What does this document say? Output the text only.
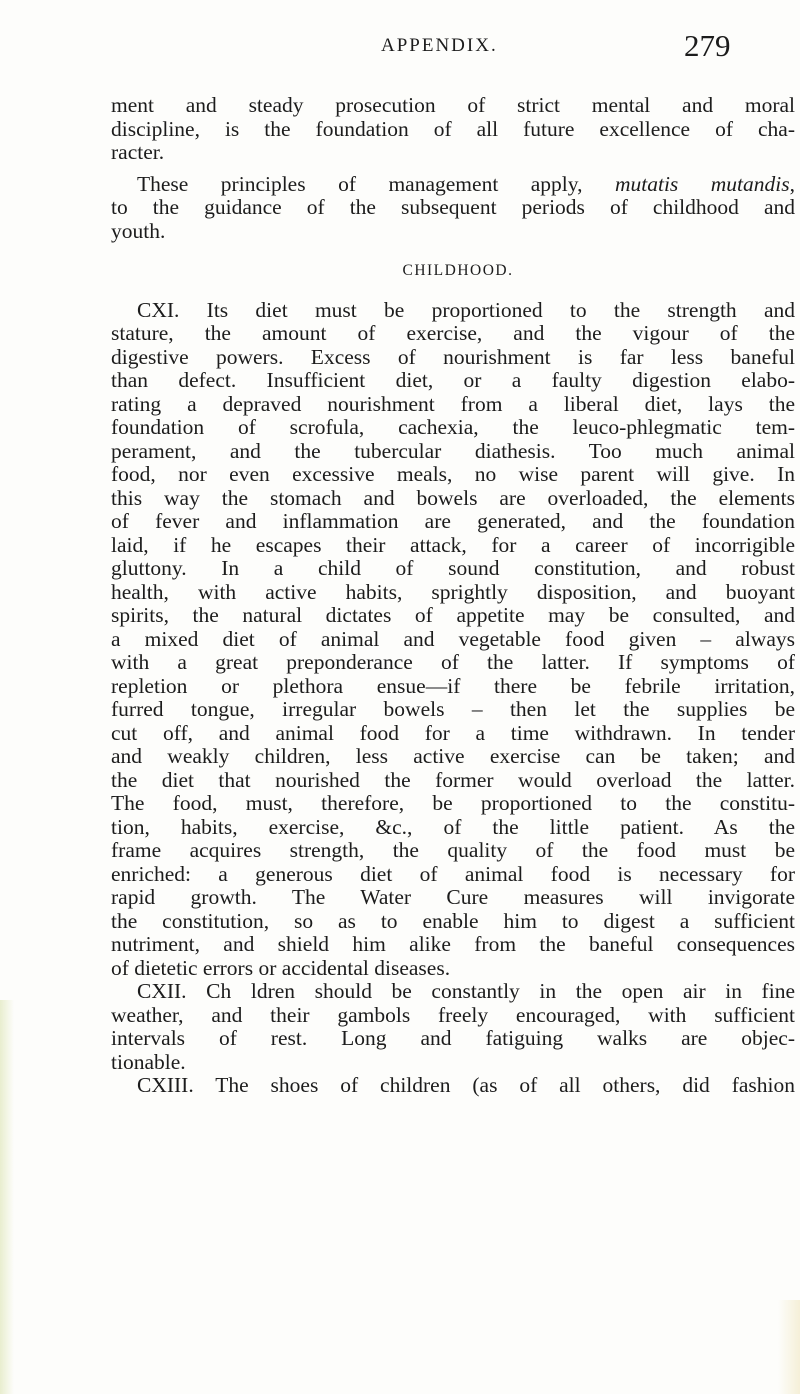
APPENDIX.	279
ment and steady prosecution of strict mental and moral
discipline, is the foundation of all future excellence of cha-
racter.
These principles of management apply, mutatis mutandis,
to the guidance of the subsequent periods of childhood and
youth.
CHILDHOOD.
CXI. Its diet must be proportioned to the strength and
stature, the amount of exercise, and the vigour of the
digestive powers. Excess of nourishment is far less baneful
than defect. Insufficient diet, or a faulty digestion elabo-
rating a depraved nourishment from a liberal diet, lays the
foundation of scrofula, cachexia, the leuco-phlegmatic tem-
perament, and the tubercular diathesis. Too much animal
food, nor even excessive meals, no wise parent will give. In
this way the stomach and bowels are overloaded, the elements
of fever and inflammation are generated, and the foundation
laid, if he escapes their attack, for a career of incorrigible
gluttony. In a child of sound constitution, and robust
health, with active habits, sprightly disposition, and buoyant
spirits, the natural dictates of appetite may be consulted, and
a mixed diet of animal and vegetable food given – always
with a great preponderance of the latter. If symptoms of
repletion or plethora ensue—if there be febrile irritation,
furred tongue, irregular bowels – then let the supplies be
cut off, and animal food for a time withdrawn. In tender
and weakly children, less active exercise can be taken; and
the diet that nourished the former would overload the latter.
The food, must, therefore, be proportioned to the constitu-
tion, habits, exercise, &c., of the little patient. As the
frame acquires strength, the quality of the food must be
enriched: a generous diet of animal food is necessary for
rapid growth. The Water Cure measures will invigorate
the constitution, so as to enable him to digest a sufficient
nutriment, and shield him alike from the baneful consequences
of dietetic errors or accidental diseases.
CXII. Ch ldren should be constantly in the open air in fine
weather, and their gambols freely encouraged, with sufficient
intervals of rest. Long and fatiguing walks are objec-
tionable.
CXIII. The shoes of children (as of all others, did fashion
